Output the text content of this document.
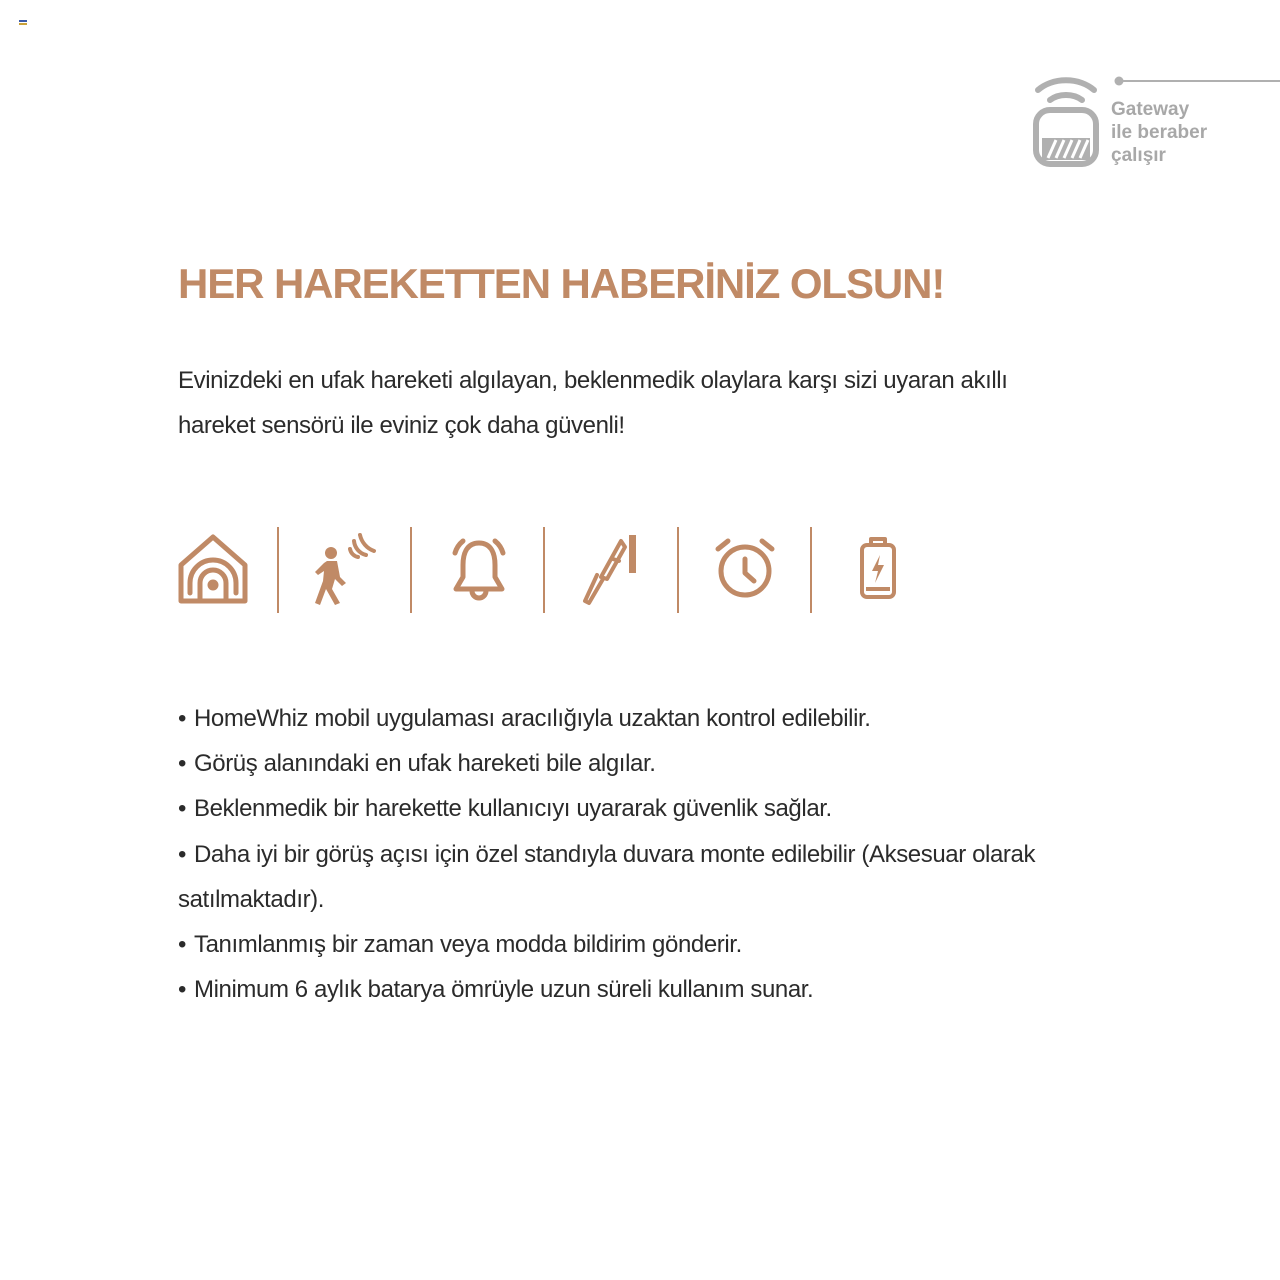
Gateway
ile beraber
çalışır
HER HAREKETTEN HABERİNİZ OLSUN!

Evinizdeki en ufak hareketi algılayan, beklenmedik olaylara karşı sizi uyaran akıllı hareket sensörü ile eviniz çok daha güvenli!

• HomeWhiz mobil uygulaması aracılığıyla uzaktan kontrol edilebilir.
• Görüş alanındaki en ufak hareketi bile algılar.
• Beklenmedik bir harekette kullanıcıyı uyararak güvenlik sağlar.
• Daha iyi bir görüş açısı için özel standıyla duvara monte edilebilir (Aksesuar olarak satılmaktadır).
• Tanımlanmış bir zaman veya modda bildirim gönderir.
• Minimum 6 aylık batarya ömrüyle uzun süreli kullanım sunar.
